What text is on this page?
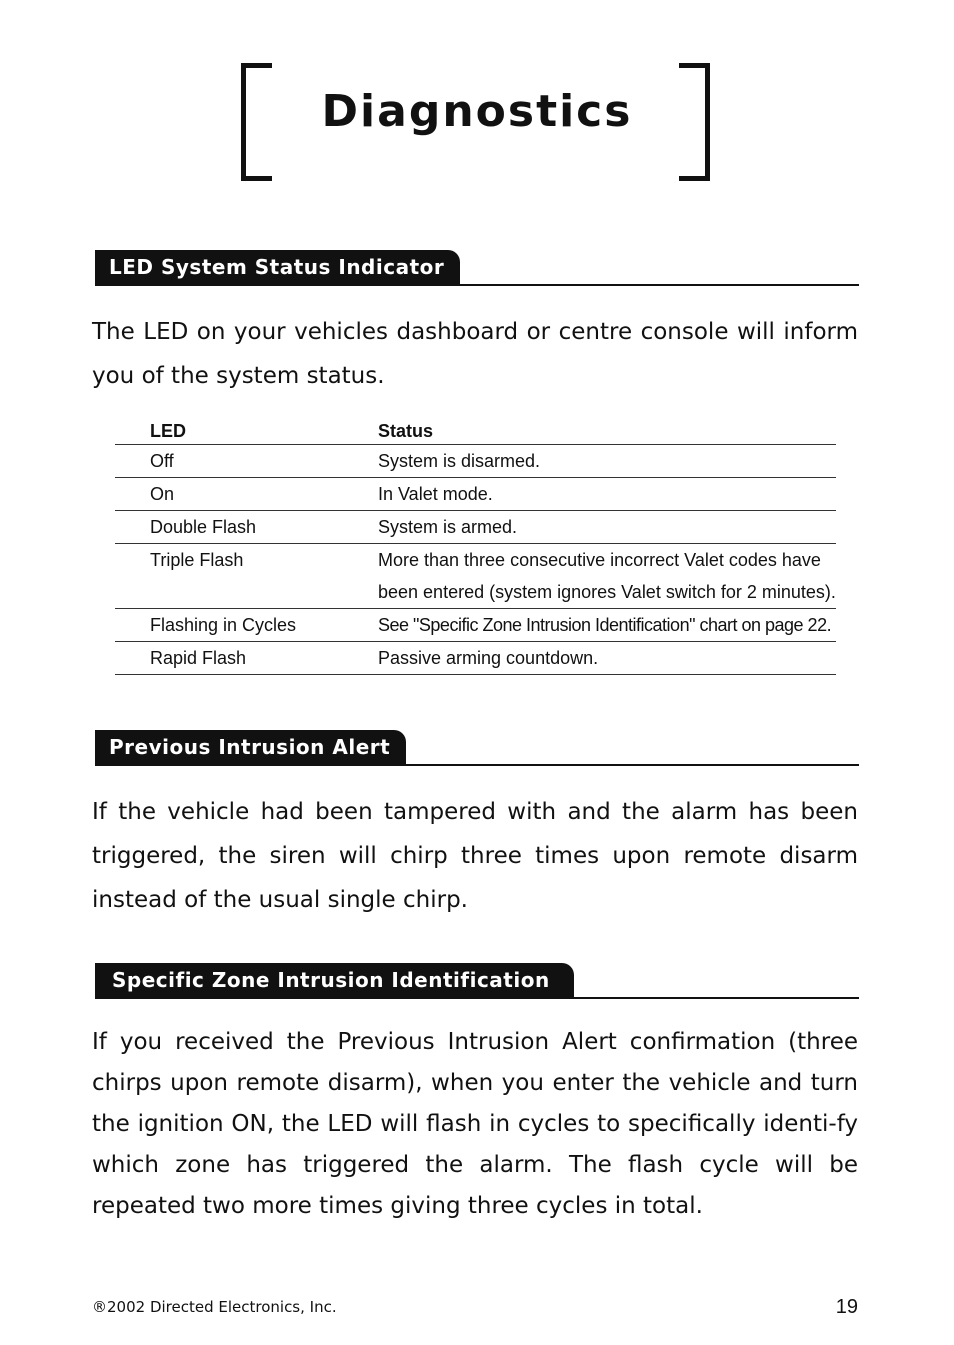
Diagnostics
LED System Status Indicator

The LED on your vehicles dashboard or centre console will inform you of the system status.

LED	Status
Off	System is disarmed.
On	In Valet mode.
Double Flash	System is armed.
Triple Flash	More than three consecutive incorrect Valet codes have been entered (system ignores Valet switch for 2 minutes).
Flashing in Cycles	See "Specific Zone Intrusion Identification" chart on page 22.
Rapid Flash	Passive arming countdown.
Previous Intrusion Alert

If the vehicle had been tampered with and the alarm has been triggered, the siren will chirp three times upon remote disarm instead of the usual single chirp.

Specific Zone Intrusion Identification

If you received the Previous Intrusion Alert confirmation (three chirps upon remote disarm), when you enter the vehicle and turn the ignition ON, the LED will flash in cycles to specifically identi-fy which zone has triggered the alarm. The flash cycle will be repeated two more times giving three cycles in total.

®2002 Directed Electronics, Inc.	19
